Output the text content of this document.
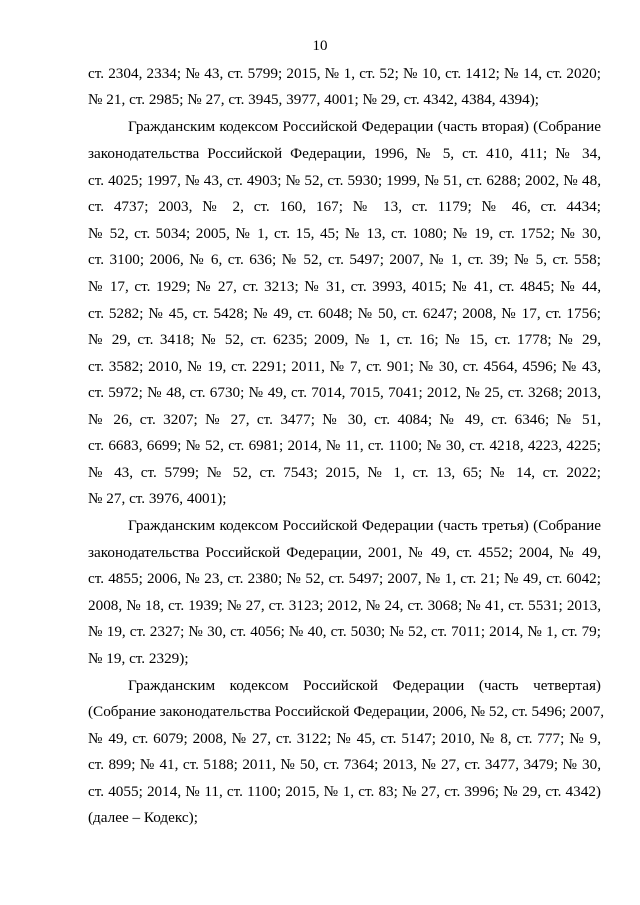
10
ст. 2304, 2334; № 43, ст. 5799; 2015, № 1, ст. 52; № 10, ст. 1412; № 14, ст. 2020;
№ 21, ст. 2985; № 27, ст. 3945, 3977, 4001; № 29, ст. 4342, 4384, 4394);
Гражданским кодексом Российской Федерации (часть вторая) (Собрание
законодательства Российской Федерации, 1996, № 5, ст. 410, 411; № 34,
ст. 4025; 1997, № 43, ст. 4903; № 52, ст. 5930; 1999, № 51, ст. 6288; 2002, № 48,
ст. 4737; 2003, № 2, ст. 160, 167; № 13, ст. 1179; № 46, ст. 4434;
№ 52, ст. 5034; 2005, № 1, ст. 15, 45; № 13, ст. 1080; № 19, ст. 1752; № 30,
ст. 3100; 2006, № 6, ст. 636; № 52, ст. 5497; 2007, № 1, ст. 39; № 5, ст. 558;
№ 17, ст. 1929; № 27, ст. 3213; № 31, ст. 3993, 4015; № 41, ст. 4845; № 44,
ст. 5282; № 45, ст. 5428; № 49, ст. 6048; № 50, ст. 6247; 2008, № 17, ст. 1756;
№ 29, ст. 3418; № 52, ст. 6235; 2009, № 1, ст. 16; № 15, ст. 1778; № 29,
ст. 3582; 2010, № 19, ст. 2291; 2011, № 7, ст. 901; № 30, ст. 4564, 4596; № 43,
ст. 5972; № 48, ст. 6730; № 49, ст. 7014, 7015, 7041; 2012, № 25, ст. 3268; 2013,
№ 26, ст. 3207; № 27, ст. 3477; № 30, ст. 4084; № 49, ст. 6346; № 51,
ст. 6683, 6699; № 52, ст. 6981; 2014, № 11, ст. 1100; № 30, ст. 4218, 4223, 4225;
№ 43, ст. 5799; № 52, ст. 7543; 2015, № 1, ст. 13, 65; № 14, ст. 2022;
№ 27, ст. 3976, 4001);
Гражданским кодексом Российской Федерации (часть третья) (Собрание
законодательства Российской Федерации, 2001, № 49, ст. 4552; 2004, № 49,
ст. 4855; 2006, № 23, ст. 2380; № 52, ст. 5497; 2007, № 1, ст. 21; № 49, ст. 6042;
2008, № 18, ст. 1939; № 27, ст. 3123; 2012, № 24, ст. 3068; № 41, ст. 5531; 2013,
№ 19, ст. 2327; № 30, ст. 4056; № 40, ст. 5030; № 52, ст. 7011; 2014, № 1, ст. 79;
№ 19, ст. 2329);
Гражданским кодексом Российской Федерации (часть четвертая)
(Собрание законодательства Российской Федерации, 2006, № 52, ст. 5496; 2007,
№ 49, ст. 6079; 2008, № 27, ст. 3122; № 45, ст. 5147; 2010, № 8, ст. 777; № 9,
ст. 899; № 41, ст. 5188; 2011, № 50, ст. 7364; 2013, № 27, ст. 3477, 3479; № 30,
ст. 4055; 2014, № 11, ст. 1100; 2015, № 1, ст. 83; № 27, ст. 3996; № 29, ст. 4342)
(далее – Кодекс);
